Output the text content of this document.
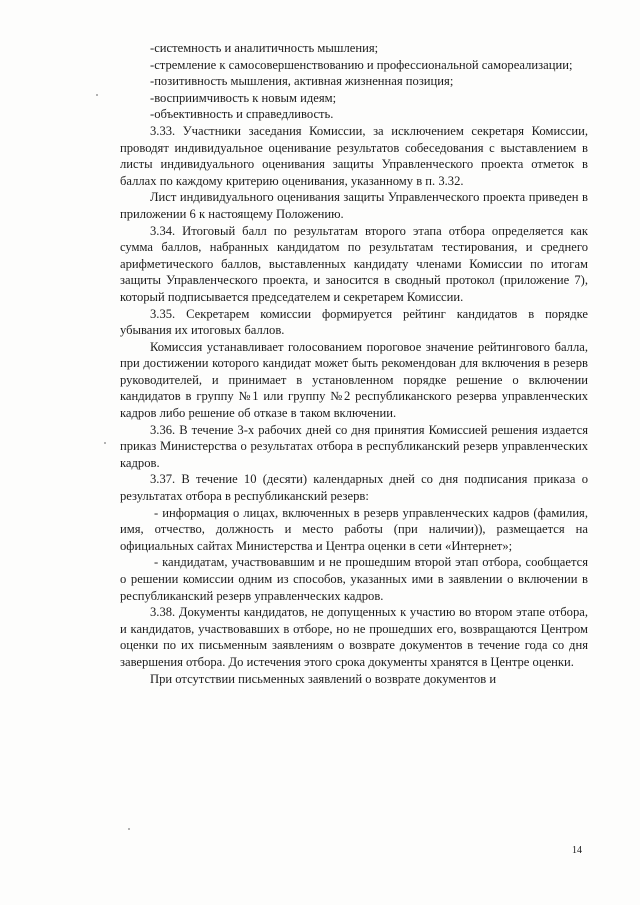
-системность и аналитичность мышления;

-стремление к самосовершенствованию и профессиональной самореализации;

-позитивность мышления, активная жизненная позиция;

-восприимчивость к новым идеям;

-объективность и справедливость.

3.33. Участники заседания Комиссии, за исключением секретаря Комиссии, проводят индивидуальное оценивание результатов собеседования с выставлением в листы индивидуального оценивания защиты Управленческого проекта отметок в баллах по каждому критерию оценивания, указанному в п. 3.32.

Лист индивидуального оценивания защиты Управленческого проекта приведен в приложении 6 к настоящему Положению.

3.34. Итоговый балл по результатам второго этапа отбора определяется как сумма баллов, набранных кандидатом по результатам тестирования, и среднего арифметического баллов, выставленных кандидату членами Комиссии по итогам защиты Управленческого проекта, и заносится в сводный протокол (приложение 7), который подписывается председателем и секретарем Комиссии.

3.35. Секретарем комиссии формируется рейтинг кандидатов в порядке убывания их итоговых баллов.

Комиссия устанавливает голосованием пороговое значение рейтингового балла, при достижении которого кандидат может быть рекомендован для включения в резерв руководителей, и принимает в установленном порядке решение о включении кандидатов в группу №1 или группу №2 республиканского резерва управленческих кадров либо решение об отказе в таком включении.

3.36. В течение 3-х рабочих дней со дня принятия Комиссией решения издается приказ Министерства о результатах отбора в республиканский резерв управленческих кадров.

3.37. В течение 10 (десяти) календарных дней со дня подписания приказа о результатах отбора в республиканский резерв:

- информация о лицах, включенных в резерв управленческих кадров (фамилия, имя, отчество, должность и место работы (при наличии)), размещается на официальных сайтах Министерства и Центра оценки в сети «Интернет»;

- кандидатам, участвовавшим и не прошедшим второй этап отбора, сообщается о решении комиссии одним из способов, указанных ими в заявлении о включении в республиканский резерв управленческих кадров.

3.38. Документы кандидатов, не допущенных к участию во втором этапе отбора, и кандидатов, участвовавших в отборе, но не прошедших его, возвращаются Центром оценки по их письменным заявлениям о возврате документов в течение года со дня завершения отбора. До истечения этого срока документы хранятся в Центре оценки.

При отсутствии письменных заявлений о возврате документов и

14
